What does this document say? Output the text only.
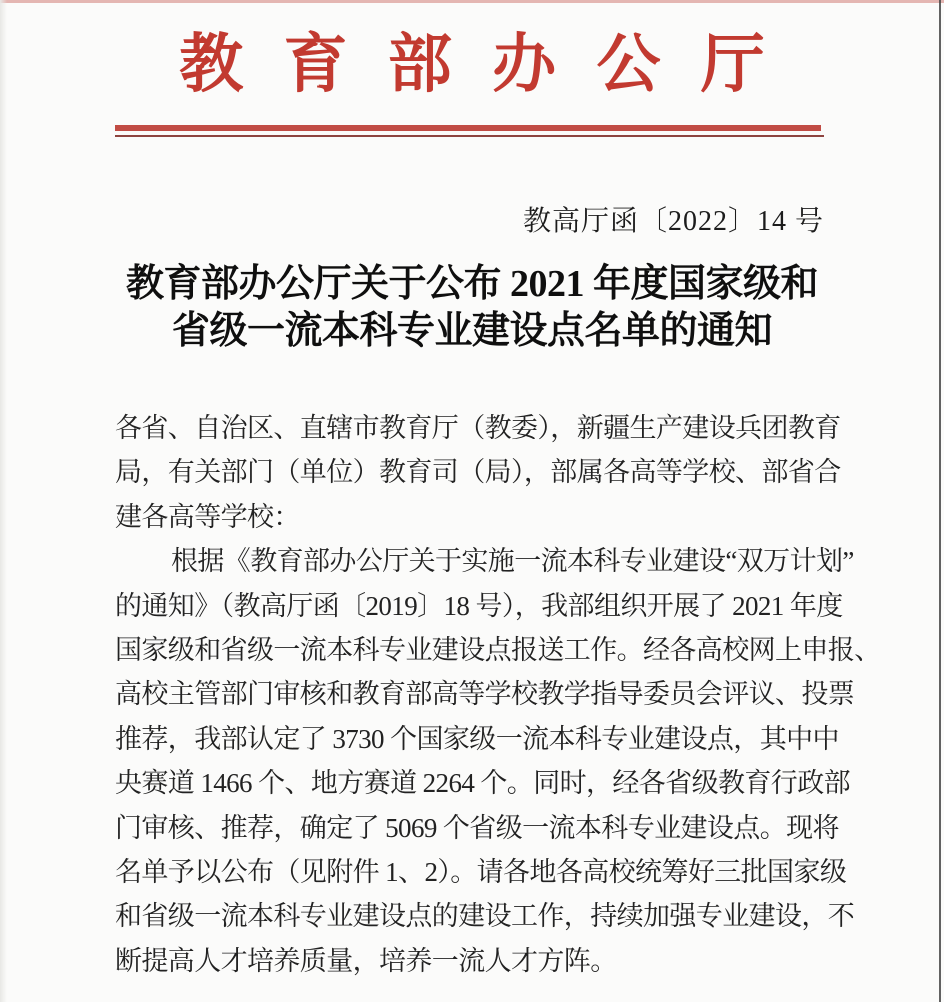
教育部办公厅
教高厅函〔2022〕14 号
教育部办公厅关于公布 2021 年度国家级和
省级一流本科专业建设点名单的通知
各省、自治区、直辖市教育厅（教委），新疆生产建设兵团教育
局，有关部门（单位）教育司（局），部属各高等学校、部省合
建各高等学校：
根据《教育部办公厅关于实施一流本科专业建设“双万计划”
的通知》（教高厅函〔2019〕18 号），我部组织开展了 2021 年度
国家级和省级一流本科专业建设点报送工作。经各高校网上申报、
高校主管部门审核和教育部高等学校教学指导委员会评议、投票
推荐，我部认定了 3730 个国家级一流本科专业建设点，其中中
央赛道 1466 个、地方赛道 2264 个。同时，经各省级教育行政部
门审核、推荐，确定了 5069 个省级一流本科专业建设点。现将
名单予以公布（见附件 1、2）。请各地各高校统筹好三批国家级
和省级一流本科专业建设点的建设工作，持续加强专业建设，不
断提高人才培养质量，培养一流人才方阵。
